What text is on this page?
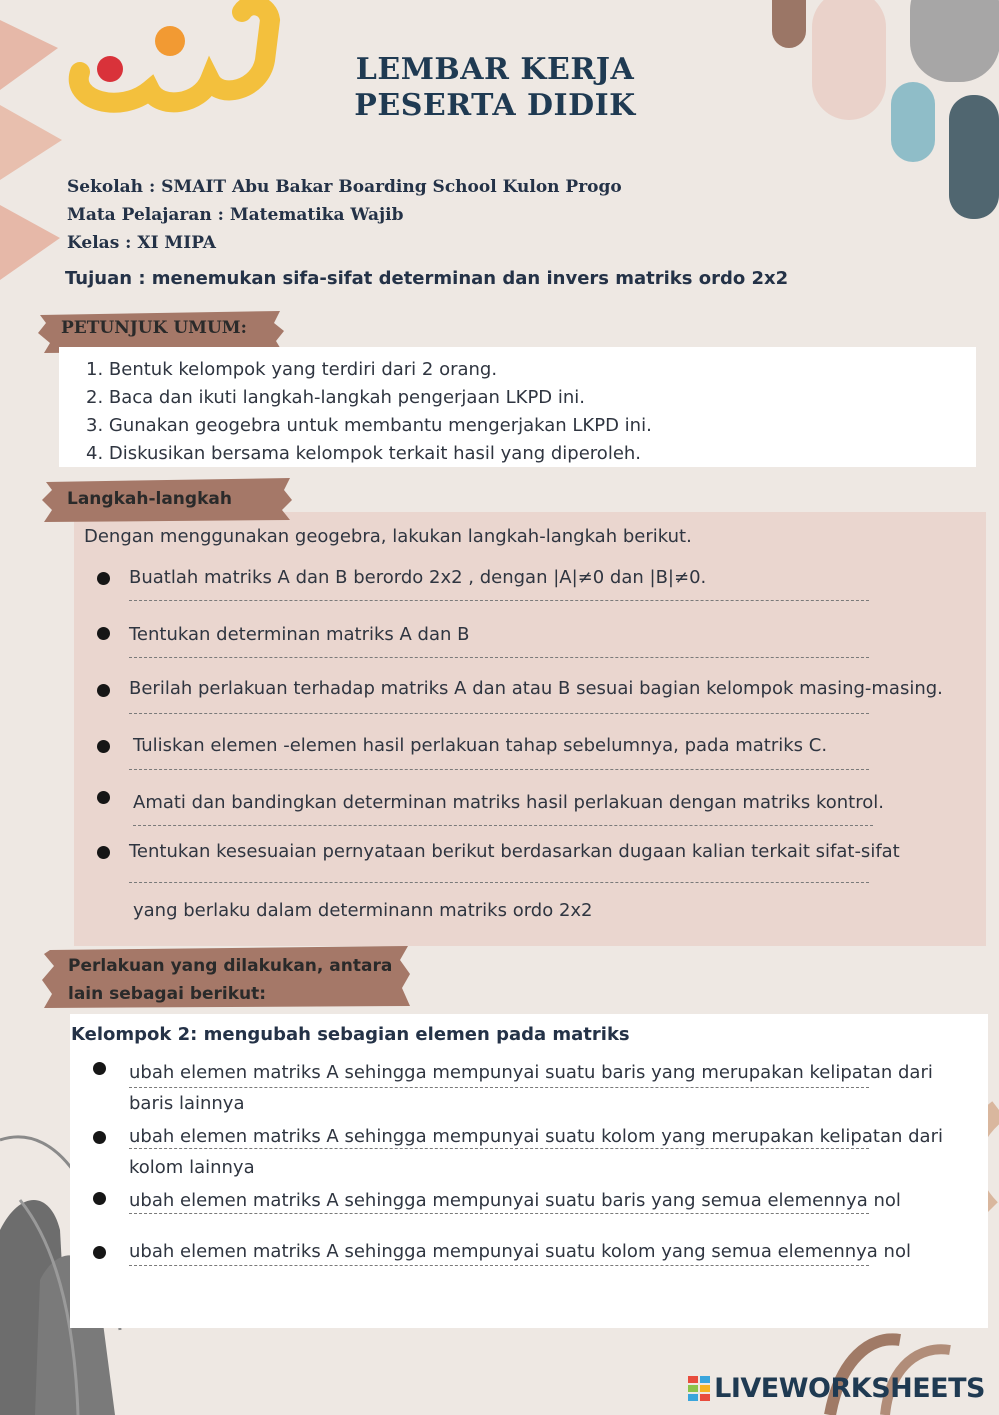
LEMBAR KERJA
PESERTA DIDIK
Sekolah : SMAIT Abu Bakar Boarding School Kulon Progo
Mata Pelajaran : Matematika Wajib
Kelas : XI MIPA
Tujuan : menemukan sifa-sifat determinan dan invers matriks ordo 2x2
PETUNJUK UMUM:
1. Bentuk kelompok yang terdiri dari 2 orang.
2. Baca dan ikuti langkah-langkah pengerjaan LKPD ini.
3. Gunakan geogebra untuk membantu mengerjakan LKPD ini.
4. Diskusikan bersama kelompok terkait hasil yang diperoleh.
Langkah-langkah
Dengan menggunakan geogebra, lakukan langkah-langkah berikut.
Buatlah matriks A dan B berordo 2x2 , dengan |A|≠0 dan |B|≠0.
Tentukan determinan matriks A dan B
Berilah perlakuan terhadap matriks A dan atau B sesuai bagian kelompok masing-masing.
Tuliskan elemen -elemen hasil perlakuan tahap sebelumnya, pada matriks C.
Amati dan bandingkan determinan matriks hasil perlakuan dengan matriks kontrol.
Tentukan kesesuaian pernyataan berikut berdasarkan dugaan kalian terkait sifat-sifat
yang berlaku dalam determinann matriks ordo 2x2
Perlakuan yang dilakukan, antara
lain sebagai berikut:
Kelompok 2: mengubah sebagian elemen pada matriks
ubah elemen matriks A sehingga mempunyai suatu baris yang merupakan kelipatan dari
baris lainnya
ubah elemen matriks A sehingga mempunyai suatu kolom yang merupakan kelipatan dari
kolom lainnya
ubah elemen matriks A sehingga mempunyai suatu baris yang semua elemennya nol
ubah elemen matriks A sehingga mempunyai suatu kolom yang semua elemennya nol
LIVEWORKSHEETS
